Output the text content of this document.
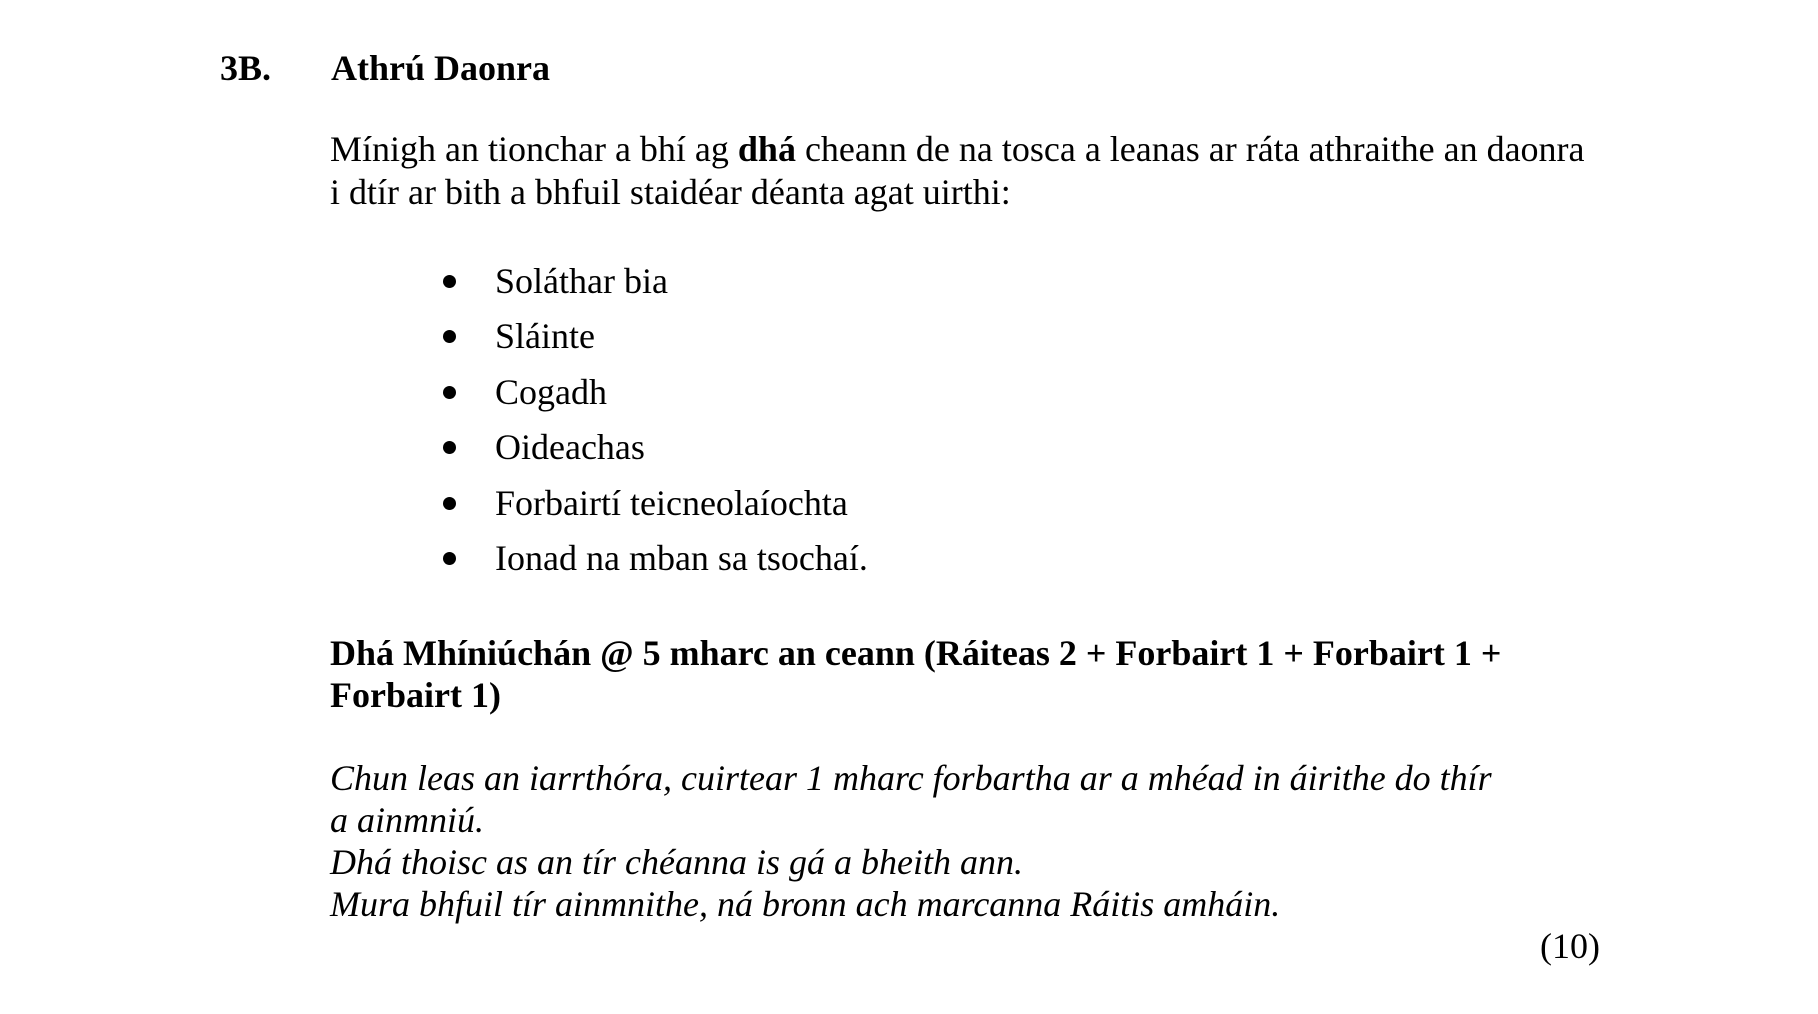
3B. Athrú Daonra
Mínigh an tionchar a bhí ag dhá cheann de na tosca a leanas ar ráta athraithe an daonra
i dtír ar bith a bhfuil staidéar déanta agat uirthi:
Soláthar bia
Sláinte
Cogadh
Oideachas
Forbairtí teicneolaíochta
Ionad na mban sa tsochaí.
Dhá Mhíniúchán @ 5 mharc an ceann (Ráiteas 2 + Forbairt 1 + Forbairt 1 +
Forbairt 1)
Chun leas an iarrthóra, cuirtear 1 mharc forbartha ar a mhéad in áirithe do thír
a ainmniú.
Dhá thoisc as an tír chéanna is gá a bheith ann.
Mura bhfuil tír ainmnithe, ná bronn ach marcanna Ráitis amháin.
(10)
